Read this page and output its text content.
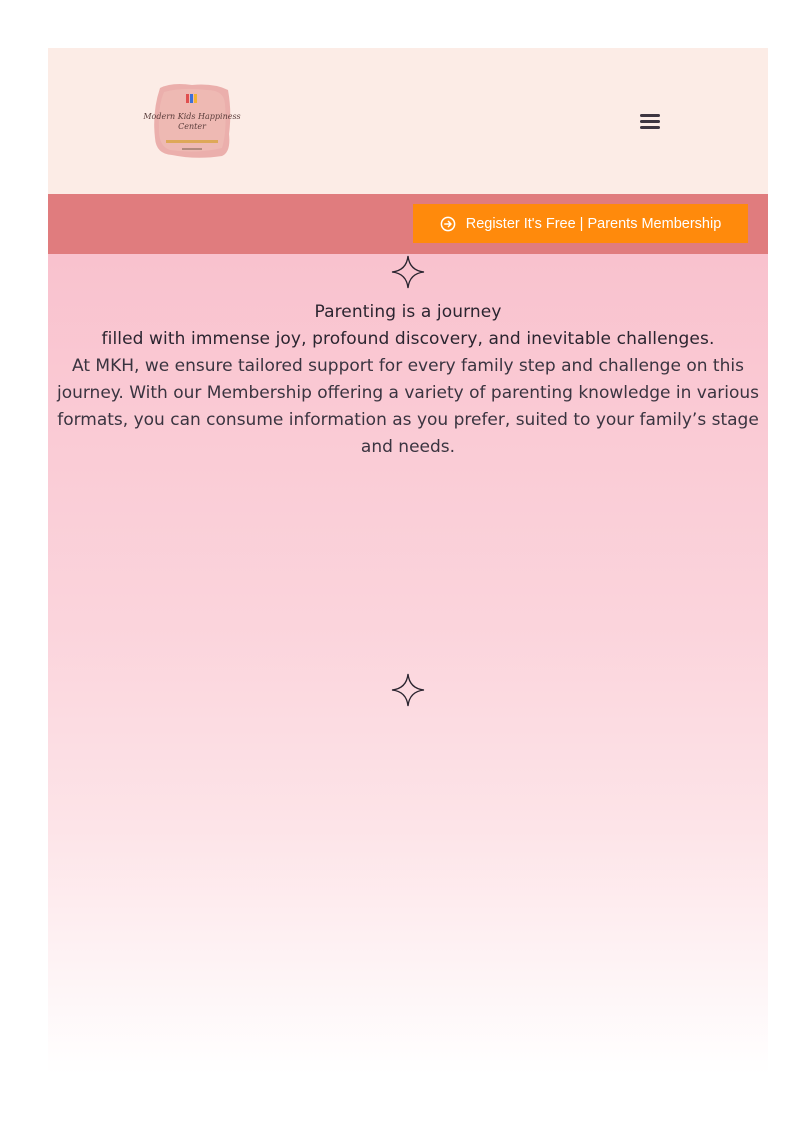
Modern Kids Happiness
Center
Register It's Free | Parents Membership
Parenting is a journey
filled with immense joy, profound discovery, and inevitable challenges.
At MKH, we ensure tailored support for every family step and challenge on this journey. With our Membership offering a variety of parenting knowledge in various formats, you can consume information as you prefer, suited to your family’s stage and needs.
